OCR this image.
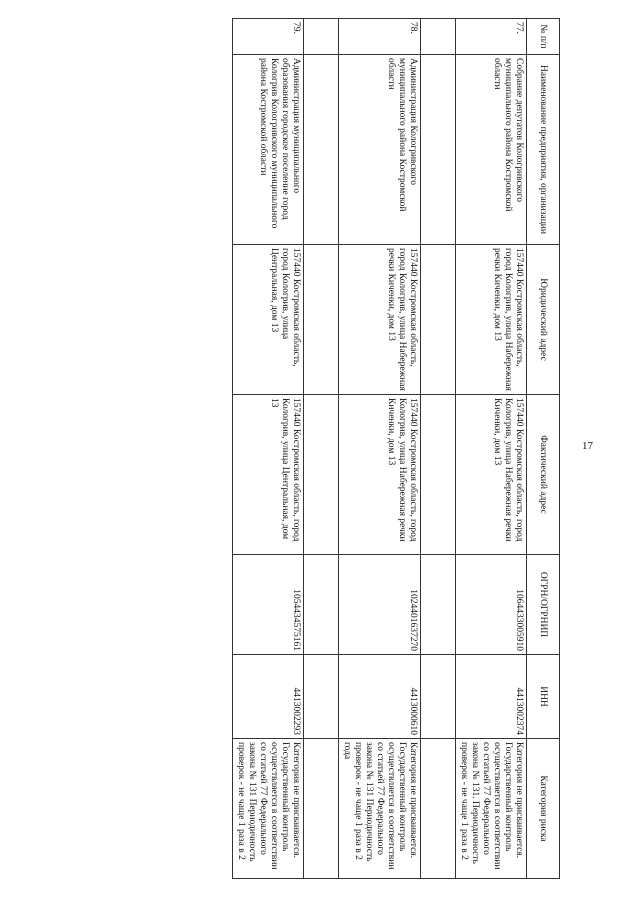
17
№ п/п	Наименование предприятия, организации	Юридический адрес	Фактический адрес	ОГРН/ОГРНИП	ИНН	Категория риска
77.	Собрание депутатов Кологривского муниципального района Костромской области	157440 Костромская область, город Кологрив, улица Набережная речки Киченки, дом 13	157440 Костромская область, город Кологрив, улица Набережная речки Киченки, дом 13	1064433005910	4413002374	Категория не присваивается. Государственный контроль осуществляется в соответствии со статьей 77 Федерального закона № 131. Периодичность проверок - не чаще 1 раза в 2

78.	Администрация Кологривского муниципального района Костромской области	157440 Костромская область, город Кологрив, улица Набережная речки Киченки, дом 13	157440 Костромская область, город Кологрив, улица Набережная речки Киченки, дом 13	1024401637270	4413000610	Категория не присваивается. Государственный контроль осуществляется в соответствии со статьей 77 Федерального закона № 131 Периодичность проверок - не чаще 1 раза в 2 года

79.	Администрация муниципального образования городское поселение город Кологрив Кологривского муниципального района Костромской области	157440 Костромская область, город Кологрив, улица Центральная, дом 13	157440 Костромская область, город Кологрив, улица Центральная, дом 13	1054434575161	4413002293	Категория не присваивается. Государственный контроль осуществляется в соответствии со статьей 77 Федерального закона № 131 Периодичность проверок - не чаще 1 раза в 2
